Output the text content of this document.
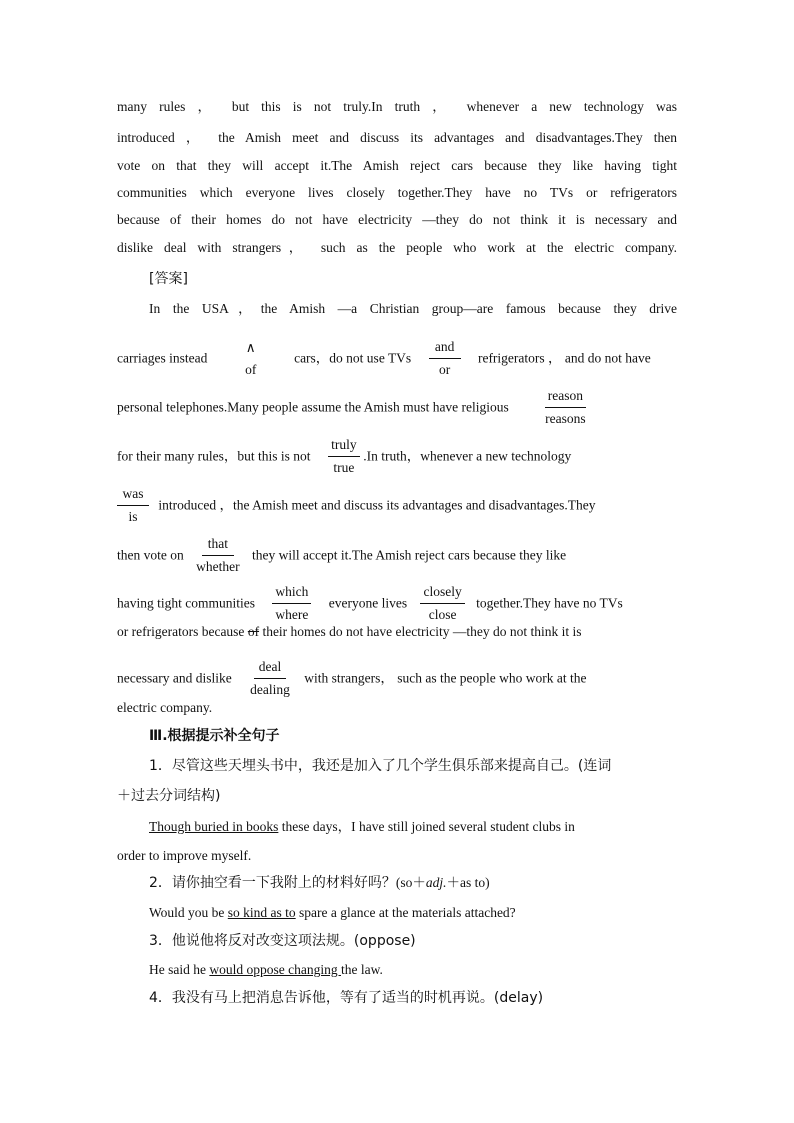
many rules ， but this is not truly.In truth ， whenever a new technology was
introduced ， the Amish meet and discuss its advantages and disadvantages.They then
vote on that they will accept it.The Amish reject cars because they like having tight
communities which everyone lives closely together.They have no TVs or refrigerators
because of their homes do not have electricity —they do not think it is necessary and
dislike deal with strangers， such as the people who work at the electric company.
[答案]
In the USA，the Amish —a Christian group—are famous because they drive
carriages instead
∧
of
cars，do not use TVs
and
or
refrigerators ， and do not have
personal telephones.Many people assume the Amish must have religious
reason
reasons
for their many rules，but this is not
truly
true
.In truth，whenever a new technology
was
is
introduced ，the Amish meet and discuss its advantages and disadvantages.They
then vote on
that
whether
they will accept it.The Amish reject cars because they like
having tight communities
which
where
everyone lives
closely
close
together.They have no TVs
or refrigerators because of their homes do not have electricity —they do not think it is
necessary and dislike
deal
dealing
with strangers， such as the people who work at the
electric company.
Ⅲ.根据提示补全句子
1．尽管这些天埋头书中，我还是加入了几个学生俱乐部来提高自己。(连词
＋过去分词结构)
Though buried in books these days，I have still joined several student clubs in
order to improve myself.
2．请你抽空看一下我附上的材料好吗？(so＋adj.＋as to)
Would you be so kind as to spare a glance at the materials attached?
3．他说他将反对改变这项法规。(oppose)
He said he would oppose changing the law.
4．我没有马上把消息告诉他，等有了适当的时机再说。(delay)
